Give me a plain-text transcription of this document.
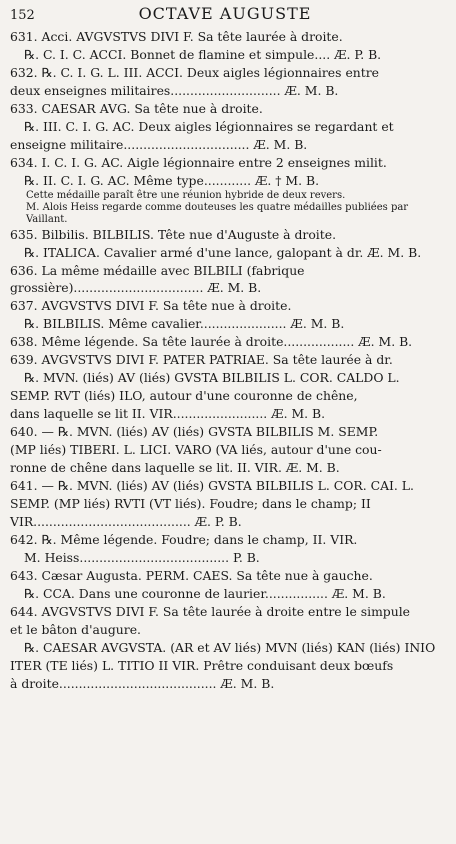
152	OCTAVE AUGUSTE

631. Acci. AVGVSTVS DIVI F. Sa tête laurée à droite.

℞. C. I. C. ACCI. Bonnet de flamine et simpule.... Æ. P. B.

632. ℞. C. I. G. L. III. ACCI. Deux aigles légionnaires entre

deux enseignes militaires............................ Æ. M. B.

633. CAESAR AVG. Sa tête nue à droite.

℞. III. C. I. G. AC. Deux aigles légionnaires se regardant et

enseigne militaire................................ Æ. M. B.

634. I. C. I. G. AC. Aigle légionnaire entre 2 enseignes milit.

℞. II. C. I. G. AC. Même type............ Æ. † M. B.

Cette médaille paraît être une réunion hybride de deux revers.

M. Alois Heiss regarde comme douteuses les quatre médailles publiées par Vaillant.

635. Bilbilis. BILBILIS. Tête nue d'Auguste à droite.

℞. ITALICA. Cavalier armé d'une lance, galopant à dr. Æ. M. B.

636. La même médaille avec BILBILI (fabrique grossière)................................. Æ. M. B.

637. AVGVSTVS DIVI F. Sa tête nue à droite.

℞. BILBILIS. Même cavalier...................... Æ. M. B.

638. Même légende. Sa tête laurée à droite.................. Æ. M. B.

639. AVGVSTVS DIVI F. PATER PATRIAE. Sa tête laurée à dr.

℞. MVN. (liés) AV (liés) GVSTA BILBILIS L. COR. CALDO L.

SEMP. RVT (liés) ILO, autour d'une couronne de chêne,

dans laquelle se lit II. VIR........................ Æ. M. B.

640. — ℞. MVN. (liés) AV (liés) GVSTA BILBILIS M. SEMP.

(MP liés) TIBERI. L. LICI. VARO (VA liés, autour d'une cou-

ronne de chêne dans laquelle se lit. II. VIR. Æ. M. B.

641. — ℞. MVN. (liés) AV (liés) GVSTA BILBILIS L. COR. CAI. L.

SEMP. (MP liés) RVTI (VT liés). Foudre; dans le champ; II

VIR........................................ Æ. P. B.

642. ℞. Même légende. Foudre; dans le champ, II. VIR.

M. Heiss...................................... P. B.

643. Cæsar Augusta. PERM. CAES. Sa tête nue à gauche.

℞. CCA. Dans une couronne de laurier................ Æ. M. B.

644. AVGVSTVS DIVI F. Sa tête laurée à droite entre le simpule

et le bâton d'augure.

℞. CAESAR AVGVSTA. (AR et AV liés) MVN (liés) KAN (liés) INIO

ITER (TE liés) L. TITIO II VIR. Prêtre conduisant deux bœufs

à droite........................................ Æ. M. B.
